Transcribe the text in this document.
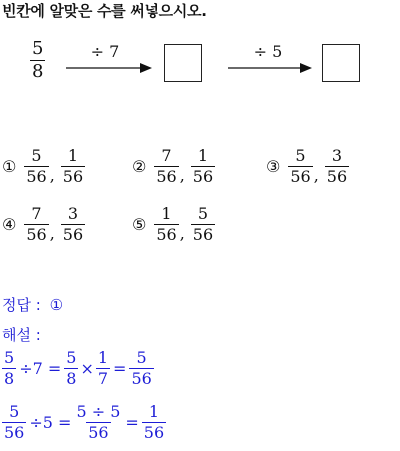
빈칸에 알맞은 수를 써넣으시오.
$\frac{5}{8}$	÷ 7	÷ 5
① $\frac{5}{56}$ , $\frac{1}{56}$	② $\frac{7}{56}$ , $\frac{1}{56}$	③ $\frac{5}{56}$ , $\frac{3}{56}$
④ $\frac{7}{56}$ , $\frac{3}{56}$	⑤ $\frac{1}{56}$ , $\frac{5}{56}$
정답 : ①
해설 :
$\frac{5}{8} \div 7 = \frac{5}{8} \times \frac{1}{7} = \frac{5}{56}$
$\frac{5}{56} \div 5 = \frac{5 \div 5}{56} = \frac{1}{56}$
